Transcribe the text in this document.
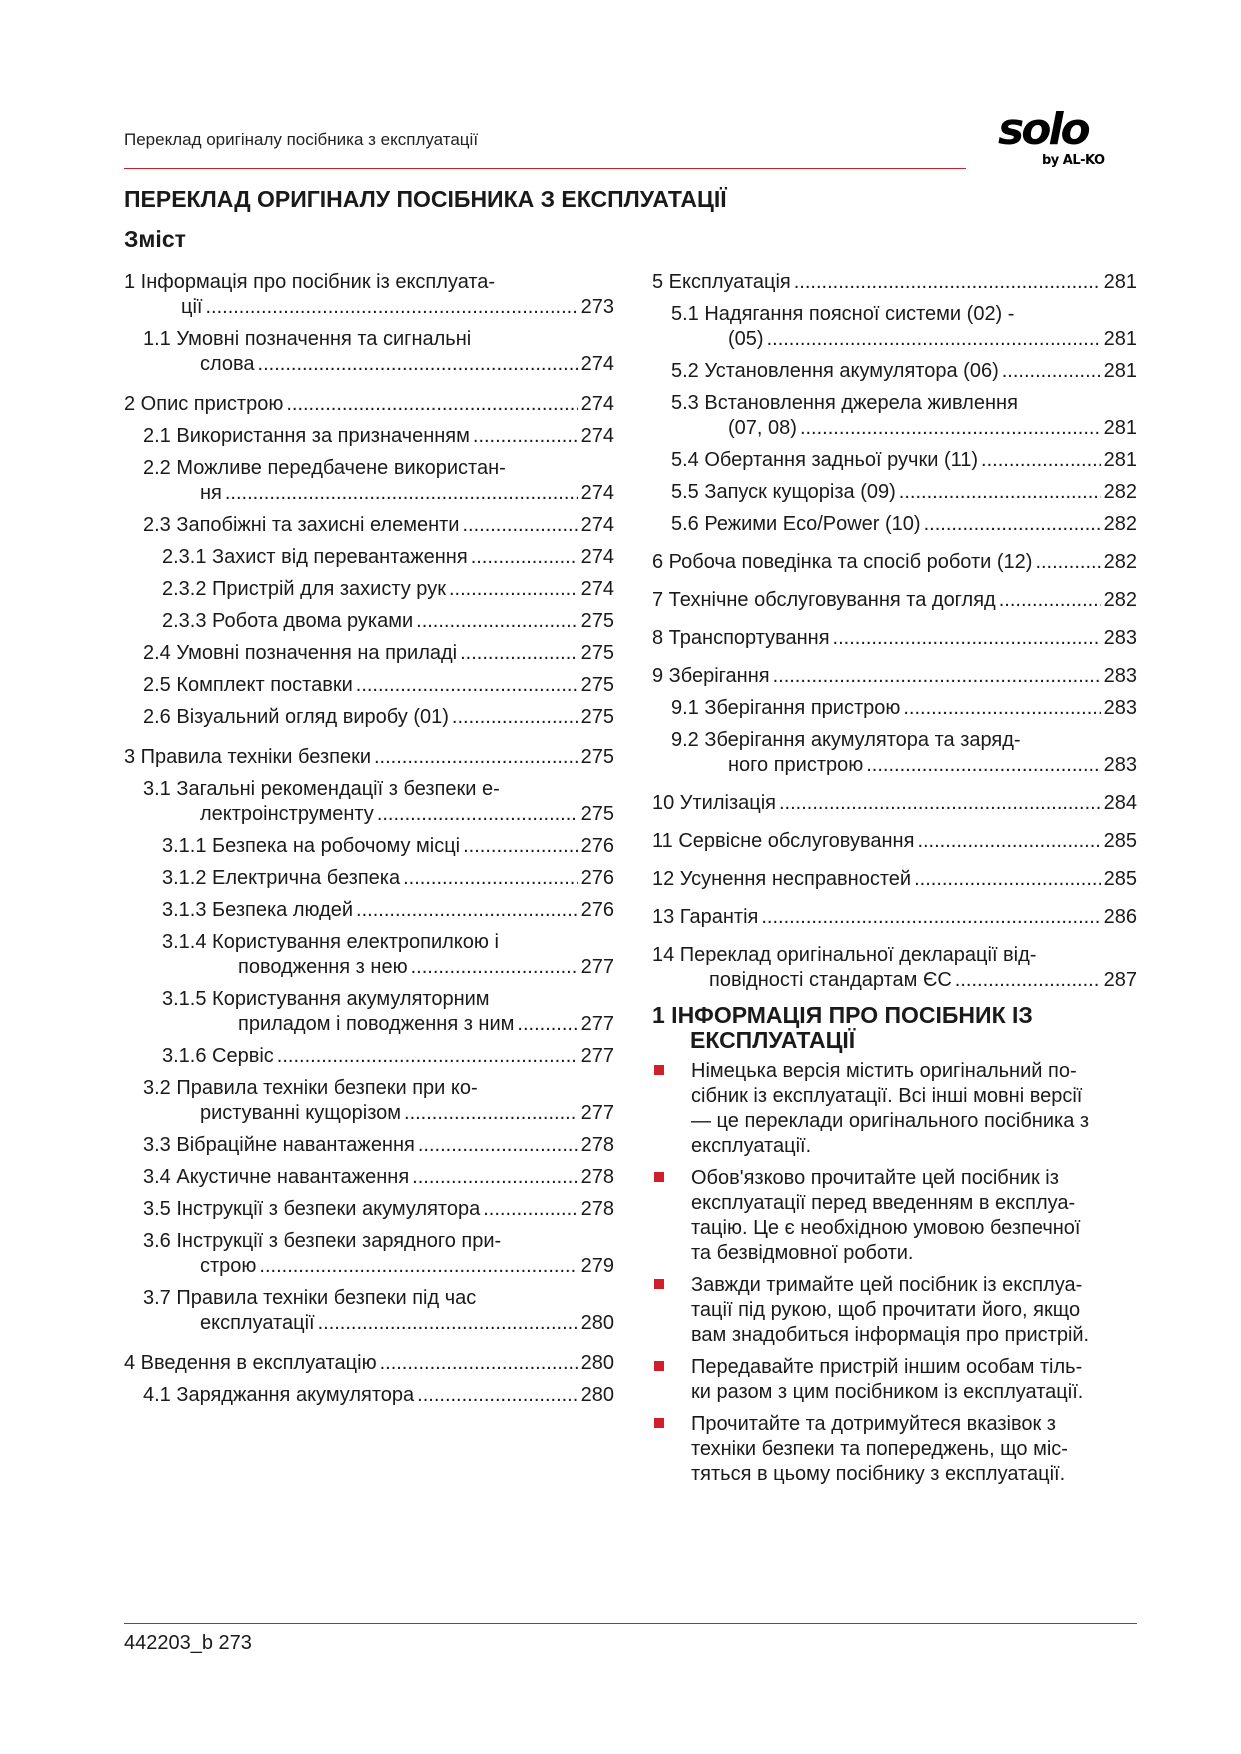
Переклад оригіналу посібника з експлуатації	solo
by AL-KO
ПЕРЕКЛАД ОРИГІНАЛУ ПОСІБНИКА З ЕКСПЛУАТАЦІЇ
Зміст
1 Інформація про посібник із експлуата-
ції .....	273
1.1 Умовні позначення та сигнальні
слова .....	274
2 Опис пристрою .....	274
2.1 Використання за призначенням .....	274
2.2 Можливе передбачене використан-
ня .....	274
2.3 Запобіжні та захисні елементи .....	274
2.3.1 Захист від перевантаження .....	274
2.3.2 Пристрій для захисту рук .....	274
2.3.3 Робота двома руками .....	275
2.4 Умовні позначення на приладі .....	275
2.5 Комплект поставки .....	275
2.6 Візуальний огляд виробу (01) .....	275
3 Правила техніки безпеки .....	275
3.1 Загальні рекомендації з безпеки е-
лектроінструменту .....	275
3.1.1 Безпека на робочому місці .....	276
3.1.2 Електрична безпека .....	276
3.1.3 Безпека людей .....	276
3.1.4 Користування електропилкою і
поводження з нею .....	277
3.1.5 Користування акумуляторним
приладом і поводження з ним .....	277
3.1.6 Сервіс .....	277
3.2 Правила техніки безпеки при ко-
ристуванні кущорізом .....	277
3.3 Вібраційне навантаження .....	278
3.4 Акустичне навантаження .....	278
3.5 Інструкції з безпеки акумулятора .....	278
3.6 Інструкції з безпеки зарядного при-
строю .....	279
3.7 Правила техніки безпеки під час
експлуатації .....	280
4 Введення в експлуатацію .....	280
4.1 Заряджання акумулятора .....	280
5 Експлуатація .....	281
5.1 Надягання поясної системи (02) -
(05) .....	281
5.2 Установлення акумулятора (06) .....	281
5.3 Встановлення джерела живлення
(07, 08) .....	281
5.4 Обертання задньої ручки (11) .....	281
5.5 Запуск кущоріза (09) .....	282
5.6 Режими Eco/Power (10) .....	282
6 Робоча поведінка та спосіб роботи (12) .....	282
7 Технічне обслуговування та догляд .....	282
8 Транспортування .....	283
9 Зберігання .....	283
9.1 Зберігання пристрою .....	283
9.2 Зберігання акумулятора та заряд-
ного пристрою .....	283
10 Утилізація .....	284
11 Сервісне обслуговування .....	285
12 Усунення несправностей .....	285
13 Гарантія .....	286
14 Переклад оригінальної декларації від-
повідності стандартам ЄС .....	287
1 ІНФОРМАЦІЯ ПРО ПОСІБНИК ІЗ
ЕКСПЛУАТАЦІЇ
Німецька версія містить оригінальний по-
сібник із експлуатації. Всі інші мовні версії
— це переклади оригінального посібника з
експлуатації.
Обов'язково прочитайте цей посібник із
експлуатації перед введенням в експлуа-
тацію. Це є необхідною умовою безпечної
та безвідмовної роботи.
Завжди тримайте цей посібник із експлуа-
тації під рукою, щоб прочитати його, якщо
вам знадобиться інформація про пристрій.
Передавайте пристрій іншим особам тіль-
ки разом з цим посібником із експлуатації.
Прочитайте та дотримуйтеся вказівок з
техніки безпеки та попереджень, що міс-
тяться в цьому посібнику з експлуатації.
442203_b 273
